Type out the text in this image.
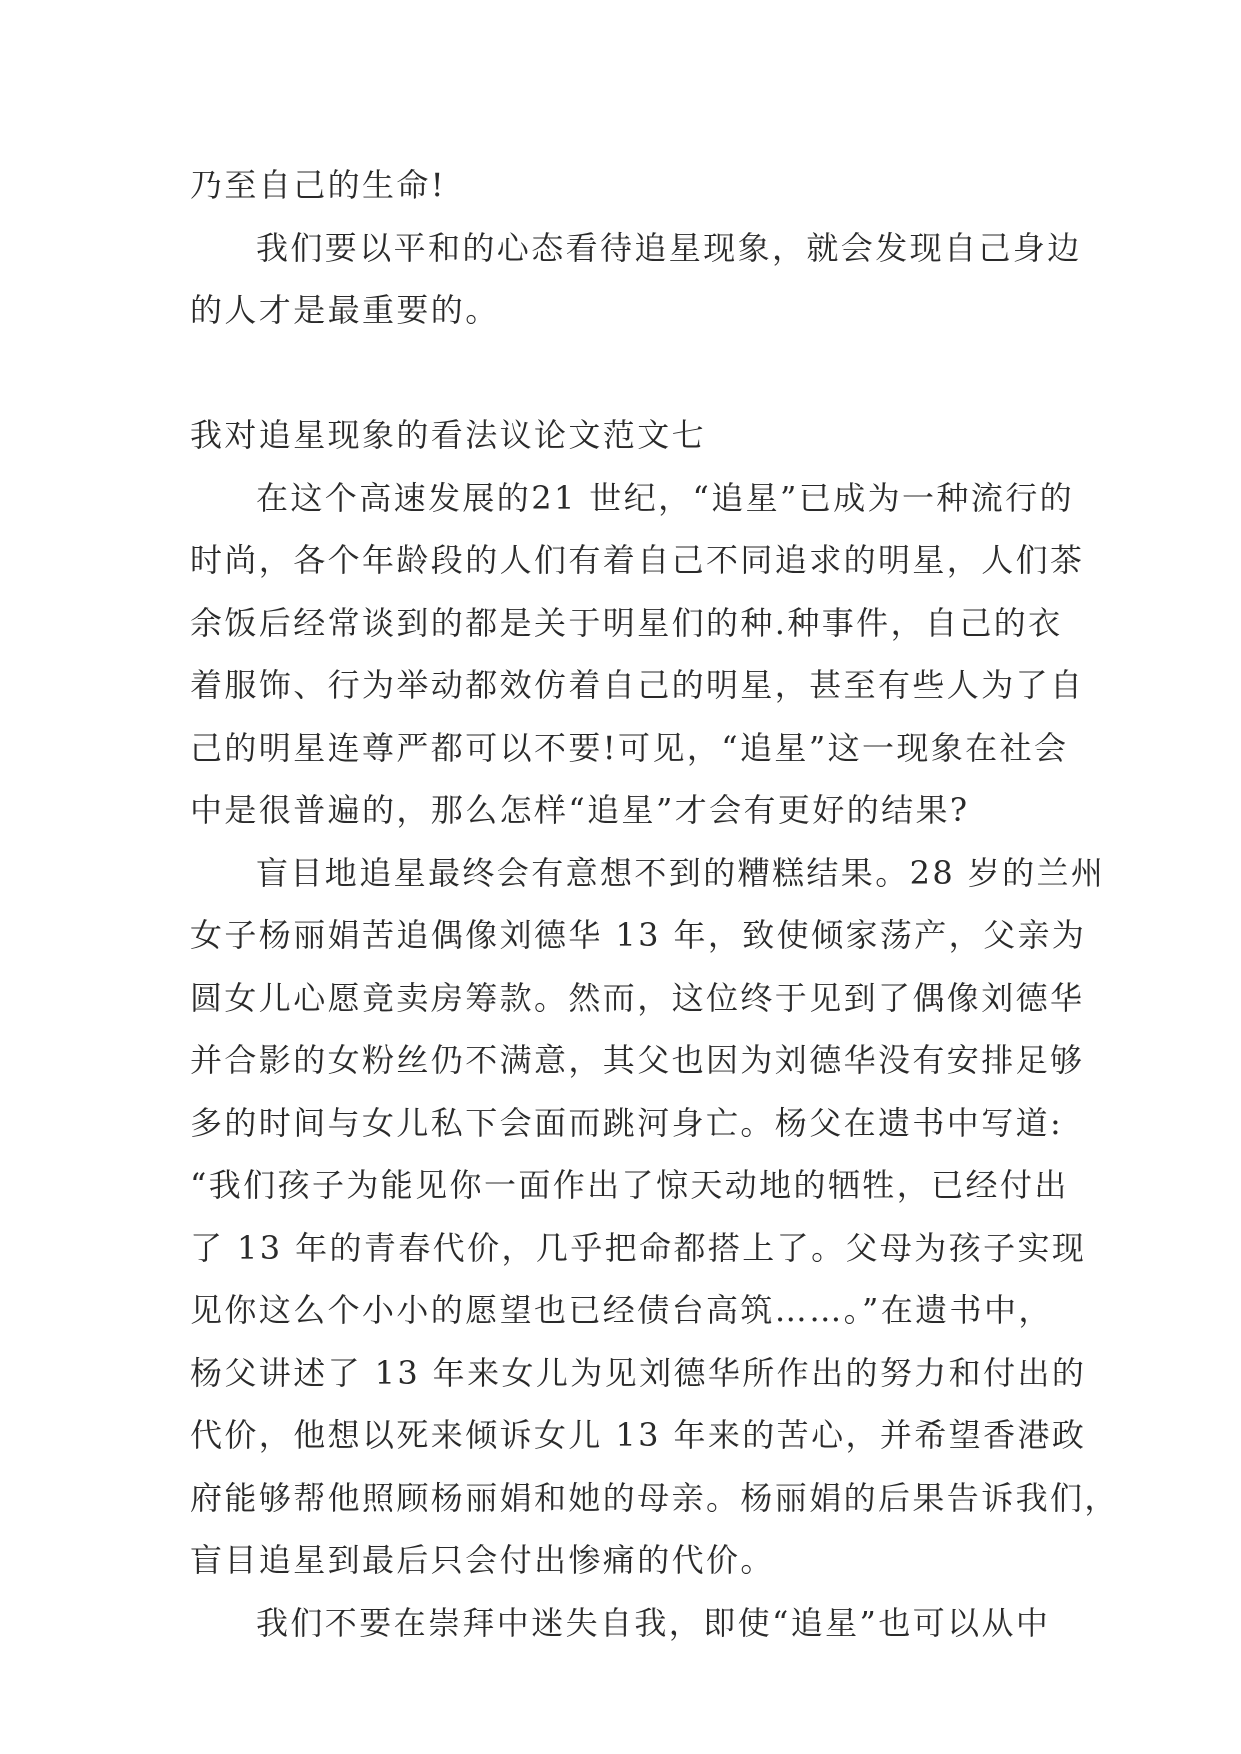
乃至自己的生命!
我们要以平和的心态看待追星现象，就会发现自己身边
的人才是最重要的。
我对追星现象的看法议论文范文七
在这个高速发展的21 世纪，“追星”已成为一种流行的
时尚，各个年龄段的人们有着自己不同追求的明星，人们茶
余饭后经常谈到的都是关于明星们的种.种事件，自己的衣
着服饰、行为举动都效仿着自己的明星，甚至有些人为了自
己的明星连尊严都可以不要!可见，“追星”这一现象在社会
中是很普遍的，那么怎样“追星”才会有更好的结果?
盲目地追星最终会有意想不到的糟糕结果。28 岁的兰州
女子杨丽娟苦追偶像刘德华 13 年，致使倾家荡产，父亲为
圆女儿心愿竟卖房筹款。然而，这位终于见到了偶像刘德华
并合影的女粉丝仍不满意，其父也因为刘德华没有安排足够
多的时间与女儿私下会面而跳河身亡。杨父在遗书中写道:
“我们孩子为能见你一面作出了惊天动地的牺牲，已经付出
了 13 年的青春代价，几乎把命都搭上了。父母为孩子实现
见你这么个小小的愿望也已经债台高筑……。”在遗书中，
杨父讲述了 13 年来女儿为见刘德华所作出的努力和付出的
代价，他想以死来倾诉女儿 13 年来的苦心，并希望香港政
府能够帮他照顾杨丽娟和她的母亲。杨丽娟的后果告诉我们，
盲目追星到最后只会付出惨痛的代价。
我们不要在崇拜中迷失自我，即使“追星”也可以从中
